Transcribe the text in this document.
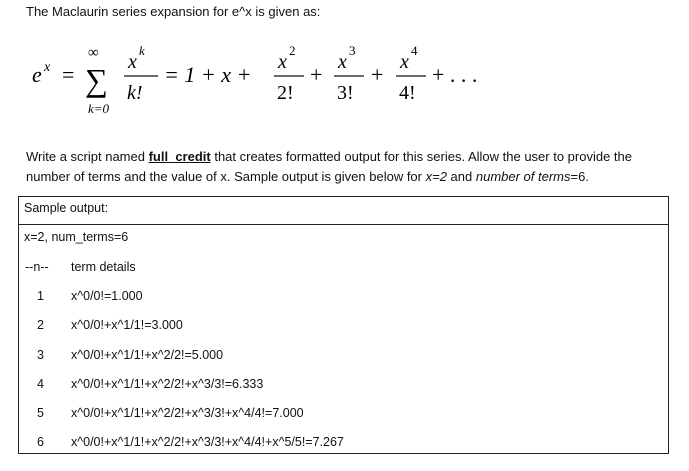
The Maclaurin series expansion for e^x is given as:

e x =
∞
∑
k=0
x
k
k!
= 1 + x + x
2
2!
+ x
3
3!
+ x
4
4!
+ . . .

Write a script named full_credit that creates formatted output for this series. Allow the user to provide the number of terms and the value of x. Sample output is given below for x=2 and number of terms=6.

Sample output:

x=2, num_terms=6

--n-- term details
1 x^0/0!=1.000
2 x^0/0!+x^1/1!=3.000
3 x^0/0!+x^1/1!+x^2/2!=5.000
4 x^0/0!+x^1/1!+x^2/2!+x^3/3!=6.333
5 x^0/0!+x^1/1!+x^2/2!+x^3/3!+x^4/4!=7.000
6 x^0/0!+x^1/1!+x^2/2!+x^3/3!+x^4/4!+x^5/5!=7.267
